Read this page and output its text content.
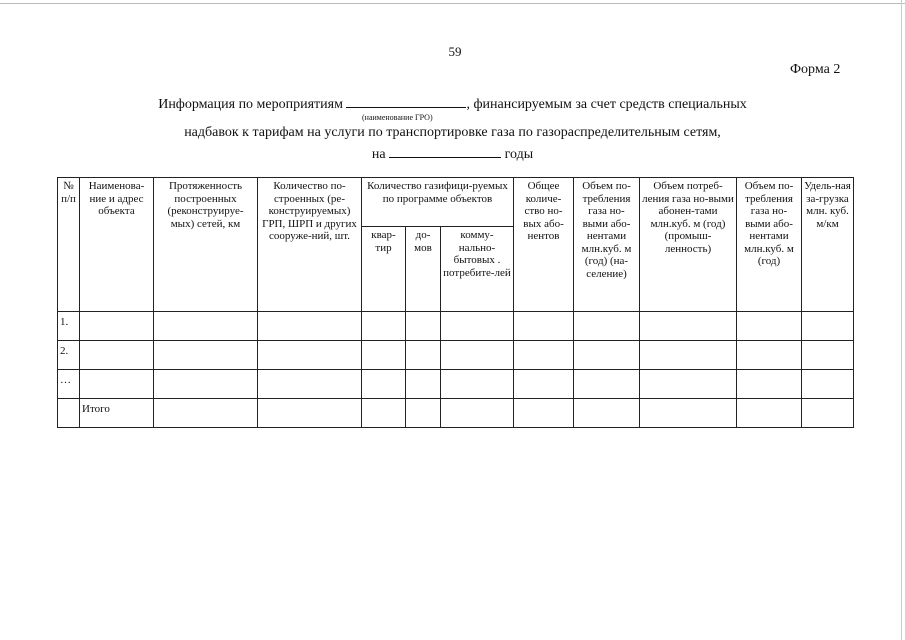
59
Форма 2
Информация по мероприятиям	, финансируемым за счет средств специальных
(наименование ГРО)
надбавок к тарифам на услуги по транспортировке газа по газораспределительным сетям,
на	годы
№ п/п	Наименова-ние и адрес объекта	Протяженность построенных (реконструируе-мых) сетей, км	Количество по-строенных (ре-конструируемых) ГРП, ШРП и других сооруже-ний, шт.	Количество газифици-руемых по программе объектов			Общее количе-ство но-вых або-нентов	Объем по-требления газа но-выми або-нентами млн.куб. м (год) (на-селение)	Объем потреб-ления газа но-выми абонен-тами млн.куб. м (год) (промыш-ленность)	Объем по-требления газа но-выми або-нентами млн.куб. м (год)	Удель-ная за-грузка млн. куб. м/км
				квар-тир	до-мов	комму-нально-бытовых . потребите-лей					
1.											
2.											
…											
	Итого										
